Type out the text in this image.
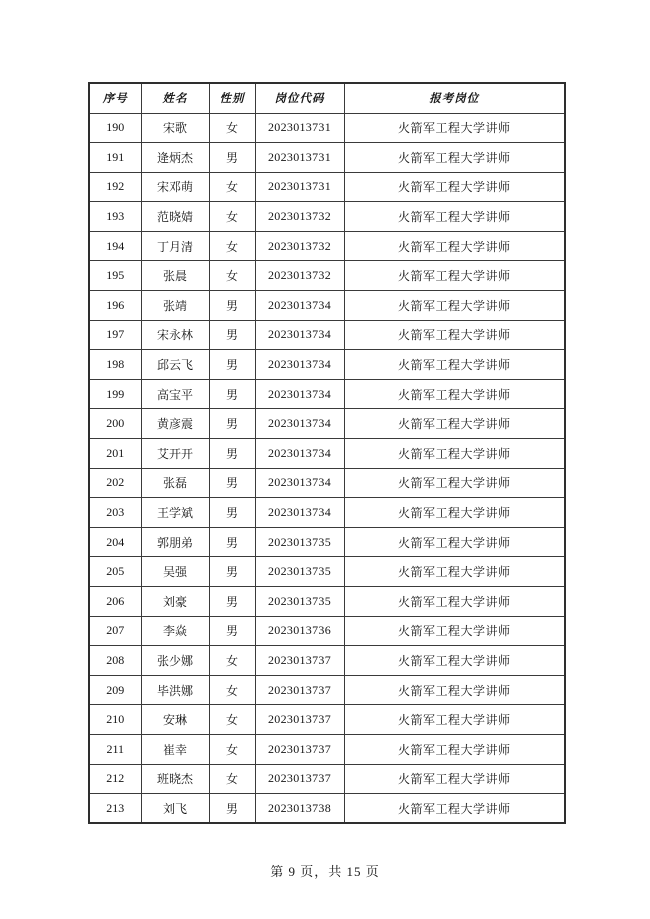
序号	姓名	性别	岗位代码	报考岗位
190	宋歌	女	2023013731	火箭军工程大学讲师
191	逄炳杰	男	2023013731	火箭军工程大学讲师
192	宋邓萌	女	2023013731	火箭军工程大学讲师
193	范晓婧	女	2023013732	火箭军工程大学讲师
194	丁月清	女	2023013732	火箭军工程大学讲师
195	张晨	女	2023013732	火箭军工程大学讲师
196	张靖	男	2023013734	火箭军工程大学讲师
197	宋永林	男	2023013734	火箭军工程大学讲师
198	邱云飞	男	2023013734	火箭军工程大学讲师
199	高宝平	男	2023013734	火箭军工程大学讲师
200	黄彦震	男	2023013734	火箭军工程大学讲师
201	艾开开	男	2023013734	火箭军工程大学讲师
202	张磊	男	2023013734	火箭军工程大学讲师
203	王学斌	男	2023013734	火箭军工程大学讲师
204	郭朋弟	男	2023013735	火箭军工程大学讲师
205	吴强	男	2023013735	火箭军工程大学讲师
206	刘豪	男	2023013735	火箭军工程大学讲师
207	李焱	男	2023013736	火箭军工程大学讲师
208	张少娜	女	2023013737	火箭军工程大学讲师
209	毕洪娜	女	2023013737	火箭军工程大学讲师
210	安琳	女	2023013737	火箭军工程大学讲师
211	崔幸	女	2023013737	火箭军工程大学讲师
212	班晓杰	女	2023013737	火箭军工程大学讲师
213	刘飞	男	2023013738	火箭军工程大学讲师
第 9 页，共 15 页
